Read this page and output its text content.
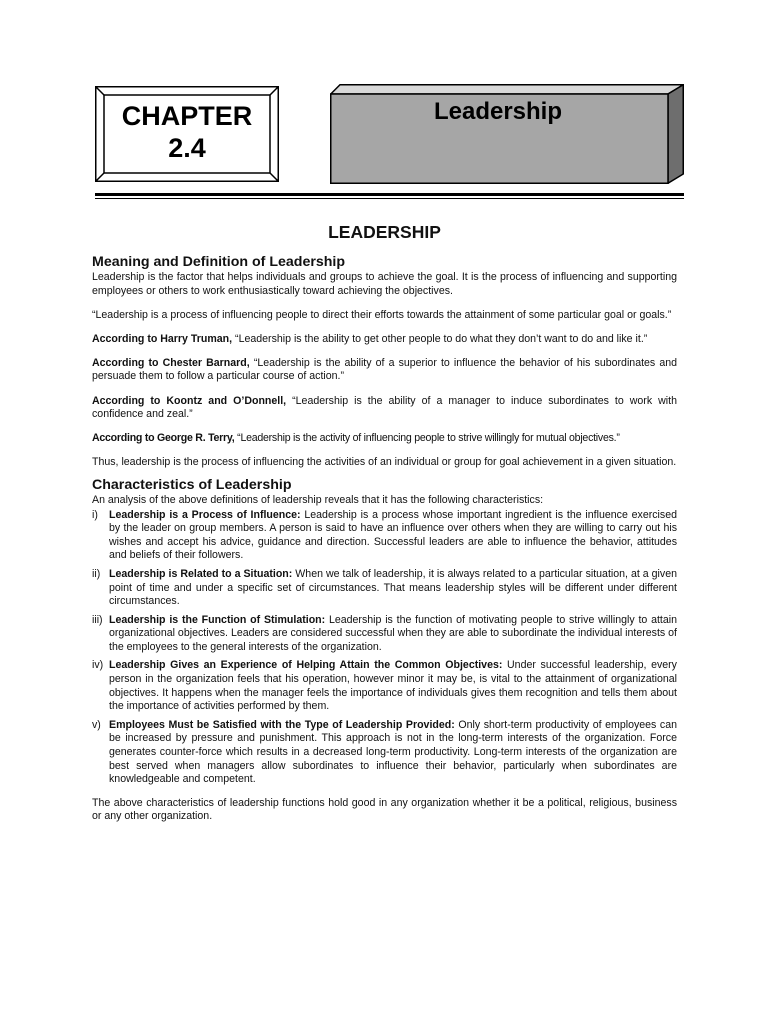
CHAPTER
2.4
Leadership
LEADERSHIP
Meaning and Definition of Leadership

Leadership is the factor that helps individuals and groups to achieve the goal. It is the process of influencing and supporting employees or others to work enthusiastically toward achieving the objectives.

“Leadership is a process of influencing people to direct their efforts towards the attainment of some particular goal or goals.”

According to Harry Truman, “Leadership is the ability to get other people to do what they don’t want to do and like it.”

According to Chester Barnard, “Leadership is the ability of a superior to influence the behavior of his subordinates and persuade them to follow a particular course of action.”

According to Koontz and O’Donnell, “Leadership is the ability of a manager to induce subordinates to work with confidence and zeal.”

According to George R. Terry, “Leadership is the activity of influencing people to strive willingly for mutual objectives.”

Thus, leadership is the process of influencing the activities of an individual or group for goal achievement in a given situation.

Characteristics of Leadership

An analysis of the above definitions of leadership reveals that it has the following characteristics:

i) Leadership is a Process of Influence: Leadership is a process whose important ingredient is the influence exercised by the leader on group members. A person is said to have an influence over others when they are willing to carry out his wishes and accept his advice, guidance and direction. Successful leaders are able to influence the behavior, attitudes and beliefs of their followers.
ii) Leadership is Related to a Situation: When we talk of leadership, it is always related to a particular situation, at a given point of time and under a specific set of circumstances. That means leadership styles will be different under different circumstances.
iii) Leadership is the Function of Stimulation: Leadership is the function of motivating people to strive willingly to attain organizational objectives. Leaders are considered successful when they are able to subordinate the individual interests of the employees to the general interests of the organization.
iv) Leadership Gives an Experience of Helping Attain the Common Objectives: Under successful leadership, every person in the organization feels that his operation, however minor it may be, is vital to the attainment of organizational objectives. It happens when the manager feels the importance of individuals gives them recognition and tells them about the importance of activities performed by them.
v) Employees Must be Satisfied with the Type of Leadership Provided: Only short-term productivity of employees can be increased by pressure and punishment. This approach is not in the long-term interests of the organization. Force generates counter-force which results in a decreased long-term productivity. Long-term interests of the organization are best served when managers allow subordinates to influence their behavior, particularly when subordinates are knowledgeable and competent.

The above characteristics of leadership functions hold good in any organization whether it be a political, religious, business or any other organization.
